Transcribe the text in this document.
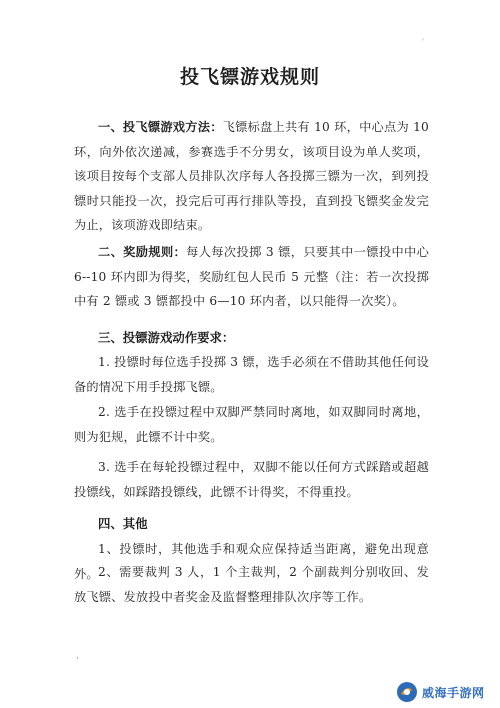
'
投飞镖游戏规则
一、投飞镖游戏方法：飞镖标盘上共有 10 环，中心点为 10 环，向外依次递减，参赛选手不分男女，该项目设为单人奖项，该项目按每个支部人员排队次序每人各投掷三镖为一次，到列投镖时只能投一次，投完后可再行排队等投，直到投飞镖奖金发完为止，该项游戏即结束。
二、奖励规则：每人每次投掷 3 镖，只要其中一镖投中中心 6--10 环内即为得奖，奖励红包人民币 5 元整（注：若一次投掷中有 2 镖或 3 镖都投中 6—10 环内者，以只能得一次奖）。
三、投镖游戏动作要求：
1. 投镖时每位选手投掷 3 镖，选手必须在不借助其他任何设备的情况下用手投掷飞镖。
2. 选手在投镖过程中双脚严禁同时离地，如双脚同时离地，则为犯规，此镖不计中奖。
3. 选手在每轮投镖过程中，双脚不能以任何方式踩踏或超越投镖线，如踩踏投镖线，此镖不计得奖，不得重投。
四、其他
1、投镖时，其他选手和观众应保持适当距离，避免出现意外。 2、需要裁判 3 人，1 个主裁判，2 个副裁判分别收回、发放飞镖、发放投中者奖金及监督整理排队次序等工作。
·
威海手游网
